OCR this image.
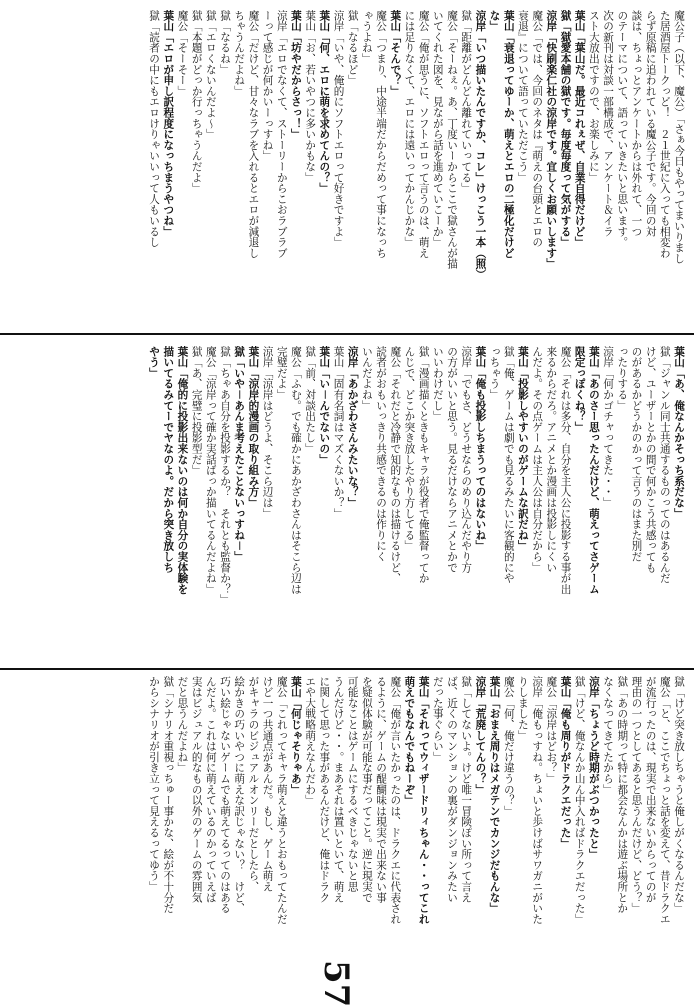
魔公子（以下、魔公）「さぁ今日もやってまいりまし
た居酒屋トークっど！　２１世紀に入っても相変わ
らず原稿に追われている魔公子です。今回の対
談は、ちょっとアンケートからは外れて、一つ
のテーマについて、語っていきたいと思います。
次の新刊は対談一部構成で、アンケート＆イラ
スト大放出ですので、お楽しみに」
葉山「葉山だ。最近コれぇぜ、自業自得だけど」
獄「獄愛本舗の獄です。毎度毎度って気がする」
涼岸「快刷楽仁社の涼岸です。宜しくお願いします」
魔公「では、今回のネタは『萌えの台頭とエロの
衰退』について語っていただこう」
葉山「衰退ってゆーか、萌えとエロの二極化だけど
な」
涼岸「いつ描いたんですか、コレ」けっこう一本（照）
獄「距離がどんどん離れていってる」
魔公「そーねぇ。あ、丁度いーからここで獄さんが描
いてくれた図を、見ながら話を進めていこーか」
魔公「俺が思うに、ソフトエロって言うのは、萌え
には足りなくて、エロには遠いってかんじかな」
葉山「そんで？」
魔公「つまり、中途半端だからだめって事になっち
ゃうよね」
獄「なるほど」
涼岸「いや、俺的にソフトエロって好きですよ」
葉山「何、エロに萌を求めてんの？」
葉山「お、若いやつに多いかもな」
葉山「坊やだからさっ！」
涼岸「エロでなくて、ストーリーからこおラブラブ
ーって感じが何かいーっすね」
魔公「だけど、甘々なラブを入れるとエロが減退し
ちゃうんだよね」
獄「なるね」
獄「エロくないんだよ～」
獄「本題がどっか行っちゃうんだよ」
魔公「そーそー」
葉山「エロが申し訳程度になっちまうやつね」
獄「読者の中にもエロけりゃいいって人もいるし
葉山「あ、俺なんかそっち系だな」
獄「ジャンル同士共通するものってのはあるんだ
けど、ユーザーとかの間で何かこう共感っても
のがあるかどうかのかって言うのはまた別だ
ったりする」
涼岸「何かゴチャってきた・・」
葉山「あのさー思ったんだけど、萌えってさゲーム
限定っぽくね？」
魔公「それは多分、自分を主人公に投影する事が出
来るからだろ。アニメとか漫画は投影しにくい
んだよ。その点ゲームは主人公は自分だから」
葉山「投影しやすいのがゲームな訳だね」
獄「俺、ゲームは劇でも見るみたいに客観的にや
っちゃう」
葉山「俺も投影しちまうってのはないね」
涼岸「でもさ、どうせならのめり込んだやり方
の方がいいと思う。見るだけならアニメとかで
いいわけだし」
獄「漫画描くときもキャラが役者で俺監督ってか
んじで、どこか突き放したやり方してる」
魔公「それだと冷静で知的なものは描けるけど、
読者がおもいっきり共感できるのは作りにく
いんだよね」
涼岸「あかざわさんみたいな？」
葉山「固有名詞はマズくないか？」
葉山「い－んでないの」
獄「前、対談出たし」
魔公「ふむ。でも確かにあかざわさんはそこら辺は
完璧だよ」
涼岸「涼岸はどうよ、そこら辺は」
葉山「涼岸的漫画の取り組み方」
獄「いや－あんま考えたことないっすね－」
獄「ちゃあ自分を投影するか？　それとも監督か？」
魔公「涼岸って確か実話ばっか描いてるんだよね」
獄「あ、完璧に投影型だ」
葉山「俺的に投影出来ないのは何か自分の実体験を
描いてるみてーでヤなのよ。だから突き放しち
やう」
獄「けど突き放しちゃうと俺しがくなるんだな」
魔公「と、ここでちょっと話を変えて、昔ドラクエ
が流行ったのは、現実で出来ないからってのが
理由の一つとしてあると思うんだけど、どう？」
獄「あの時期って特に都会なんかは遊ぶ場所とか
なくなってきてたから」
涼岸「ちょうど時期がぶつかったと」
獄「けど、俺なんか山ん中入ればドラクエだった」
葉山「俺も周りがドラクエだった」
魔公「涼岸はどお？」
涼岸「俺もっすね。ちょいと歩けばサワガニがいた
りしました」
魔公「何、俺だけ違うの？」
葉山「おまえ周りはメガテンでカンジだもんな」
涼岸「荒廃してんの？」
獄「してないよ。けど唯一冒険ぽい所って言え
ば、近くのマンションの裏がダンジョンみたい
だった事ぐらい」
葉山「それってウィザードリィちゃん・・ってこれ
萌えでもなんでもねーぞ」
魔公「俺が言いたかったのは、ドラクエに代表され
るように、ゲームの醍醐味は現実で出来ない事
を疑似体験が可能な事だってこと。逆に現実で
可能なことはゲームにするべきじゃないと思
うんだけど・・。まあそれは置いといて、萌え
に関して思った事があるんだけど、俺はドラク
エや大戦略萌えなんだわ」
葉山「何じゃそりゃあ」
魔公「これってキャラ萌えと違うとおもってたんだ
けど一つ共通点があんだ。もし、ゲーム萌え
がキャラのビジュアルオンリーだとしたら、
絵かきの巧いやつに萌えな訳じゃない？　けど、
巧い絵じゃないゲームでも萌えてるってのはある
んだよ。これは何に萌えているのかっていえば
実はビジュアル的なもの以外のゲームの雰囲気
だと思うんだよね」
獄「シナリオ重視っちゅー事かな、絵が不十分だ
からシナリオが引き立って見えるってゆう」
57
